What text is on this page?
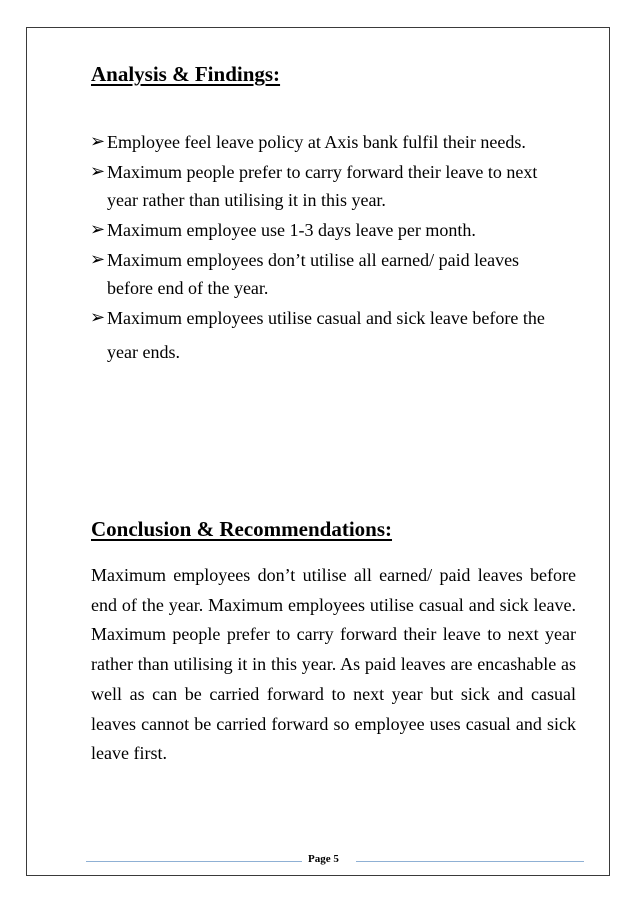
Analysis & Findings:
➢ Employee feel leave policy at Axis bank fulfil their needs.
➢ Maximum people prefer to carry forward their leave to next year rather than utilising it in this year.
➢ Maximum employee use 1-3 days leave per month.
➢ Maximum employees don’t utilise all earned/ paid leaves before end of the year.
➢ Maximum employees utilise casual and sick leave before the year ends.
Conclusion & Recommendations:

Maximum employees don’t utilise all earned/ paid leaves before end of the year. Maximum employees utilise casual and sick leave. Maximum people prefer to carry forward their leave to next year rather than utilising it in this year. As paid leaves are encashable as well as can be carried forward to next year but sick and casual leaves cannot be carried forward so employee uses casual and sick leave first.

Page 5
